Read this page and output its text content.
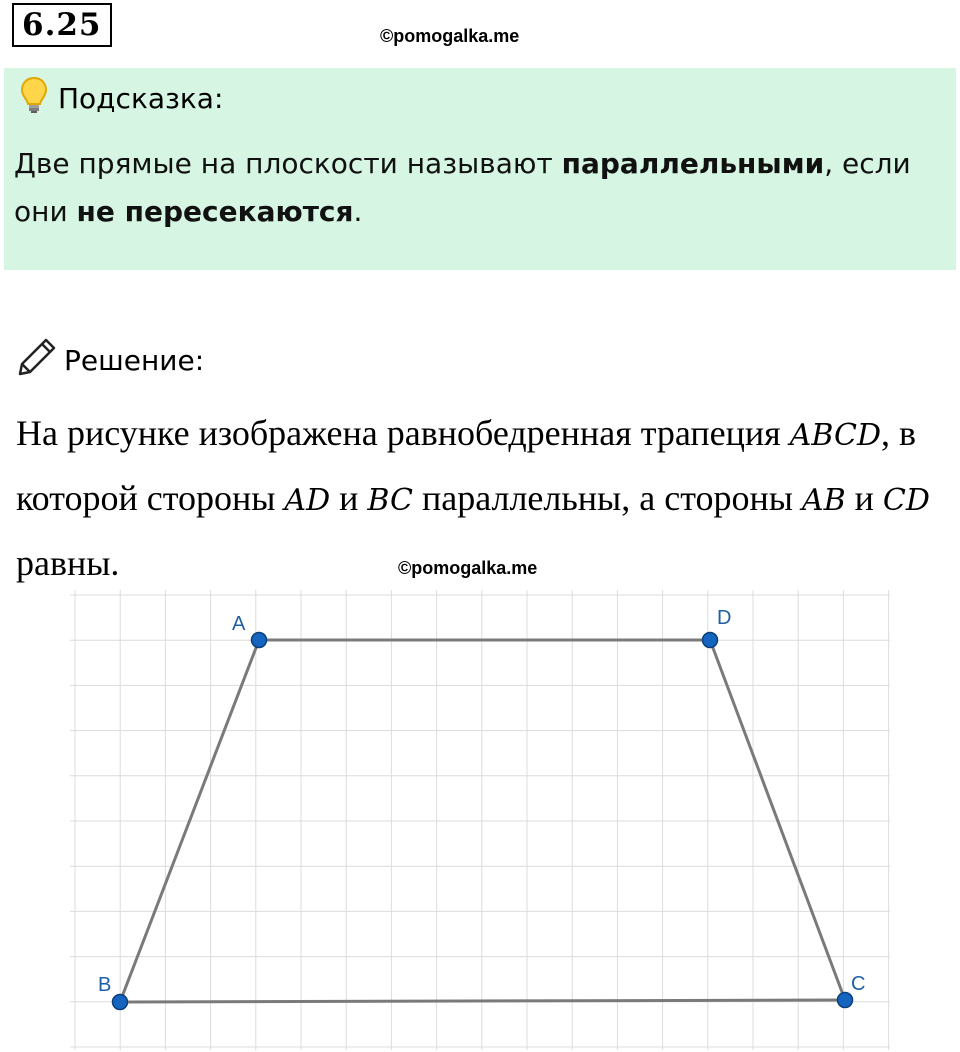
6.25	©pomogalka.me
Подсказка:
Две прямые на плоскости называют параллельными, если они не пересекаются.
Решение:
На рисунке изображена равнобедренная трапеция ABCD, в которой стороны AD и BC параллельны, а стороны AB и CD равны.	©pomogalka.me
A	D
B	C
